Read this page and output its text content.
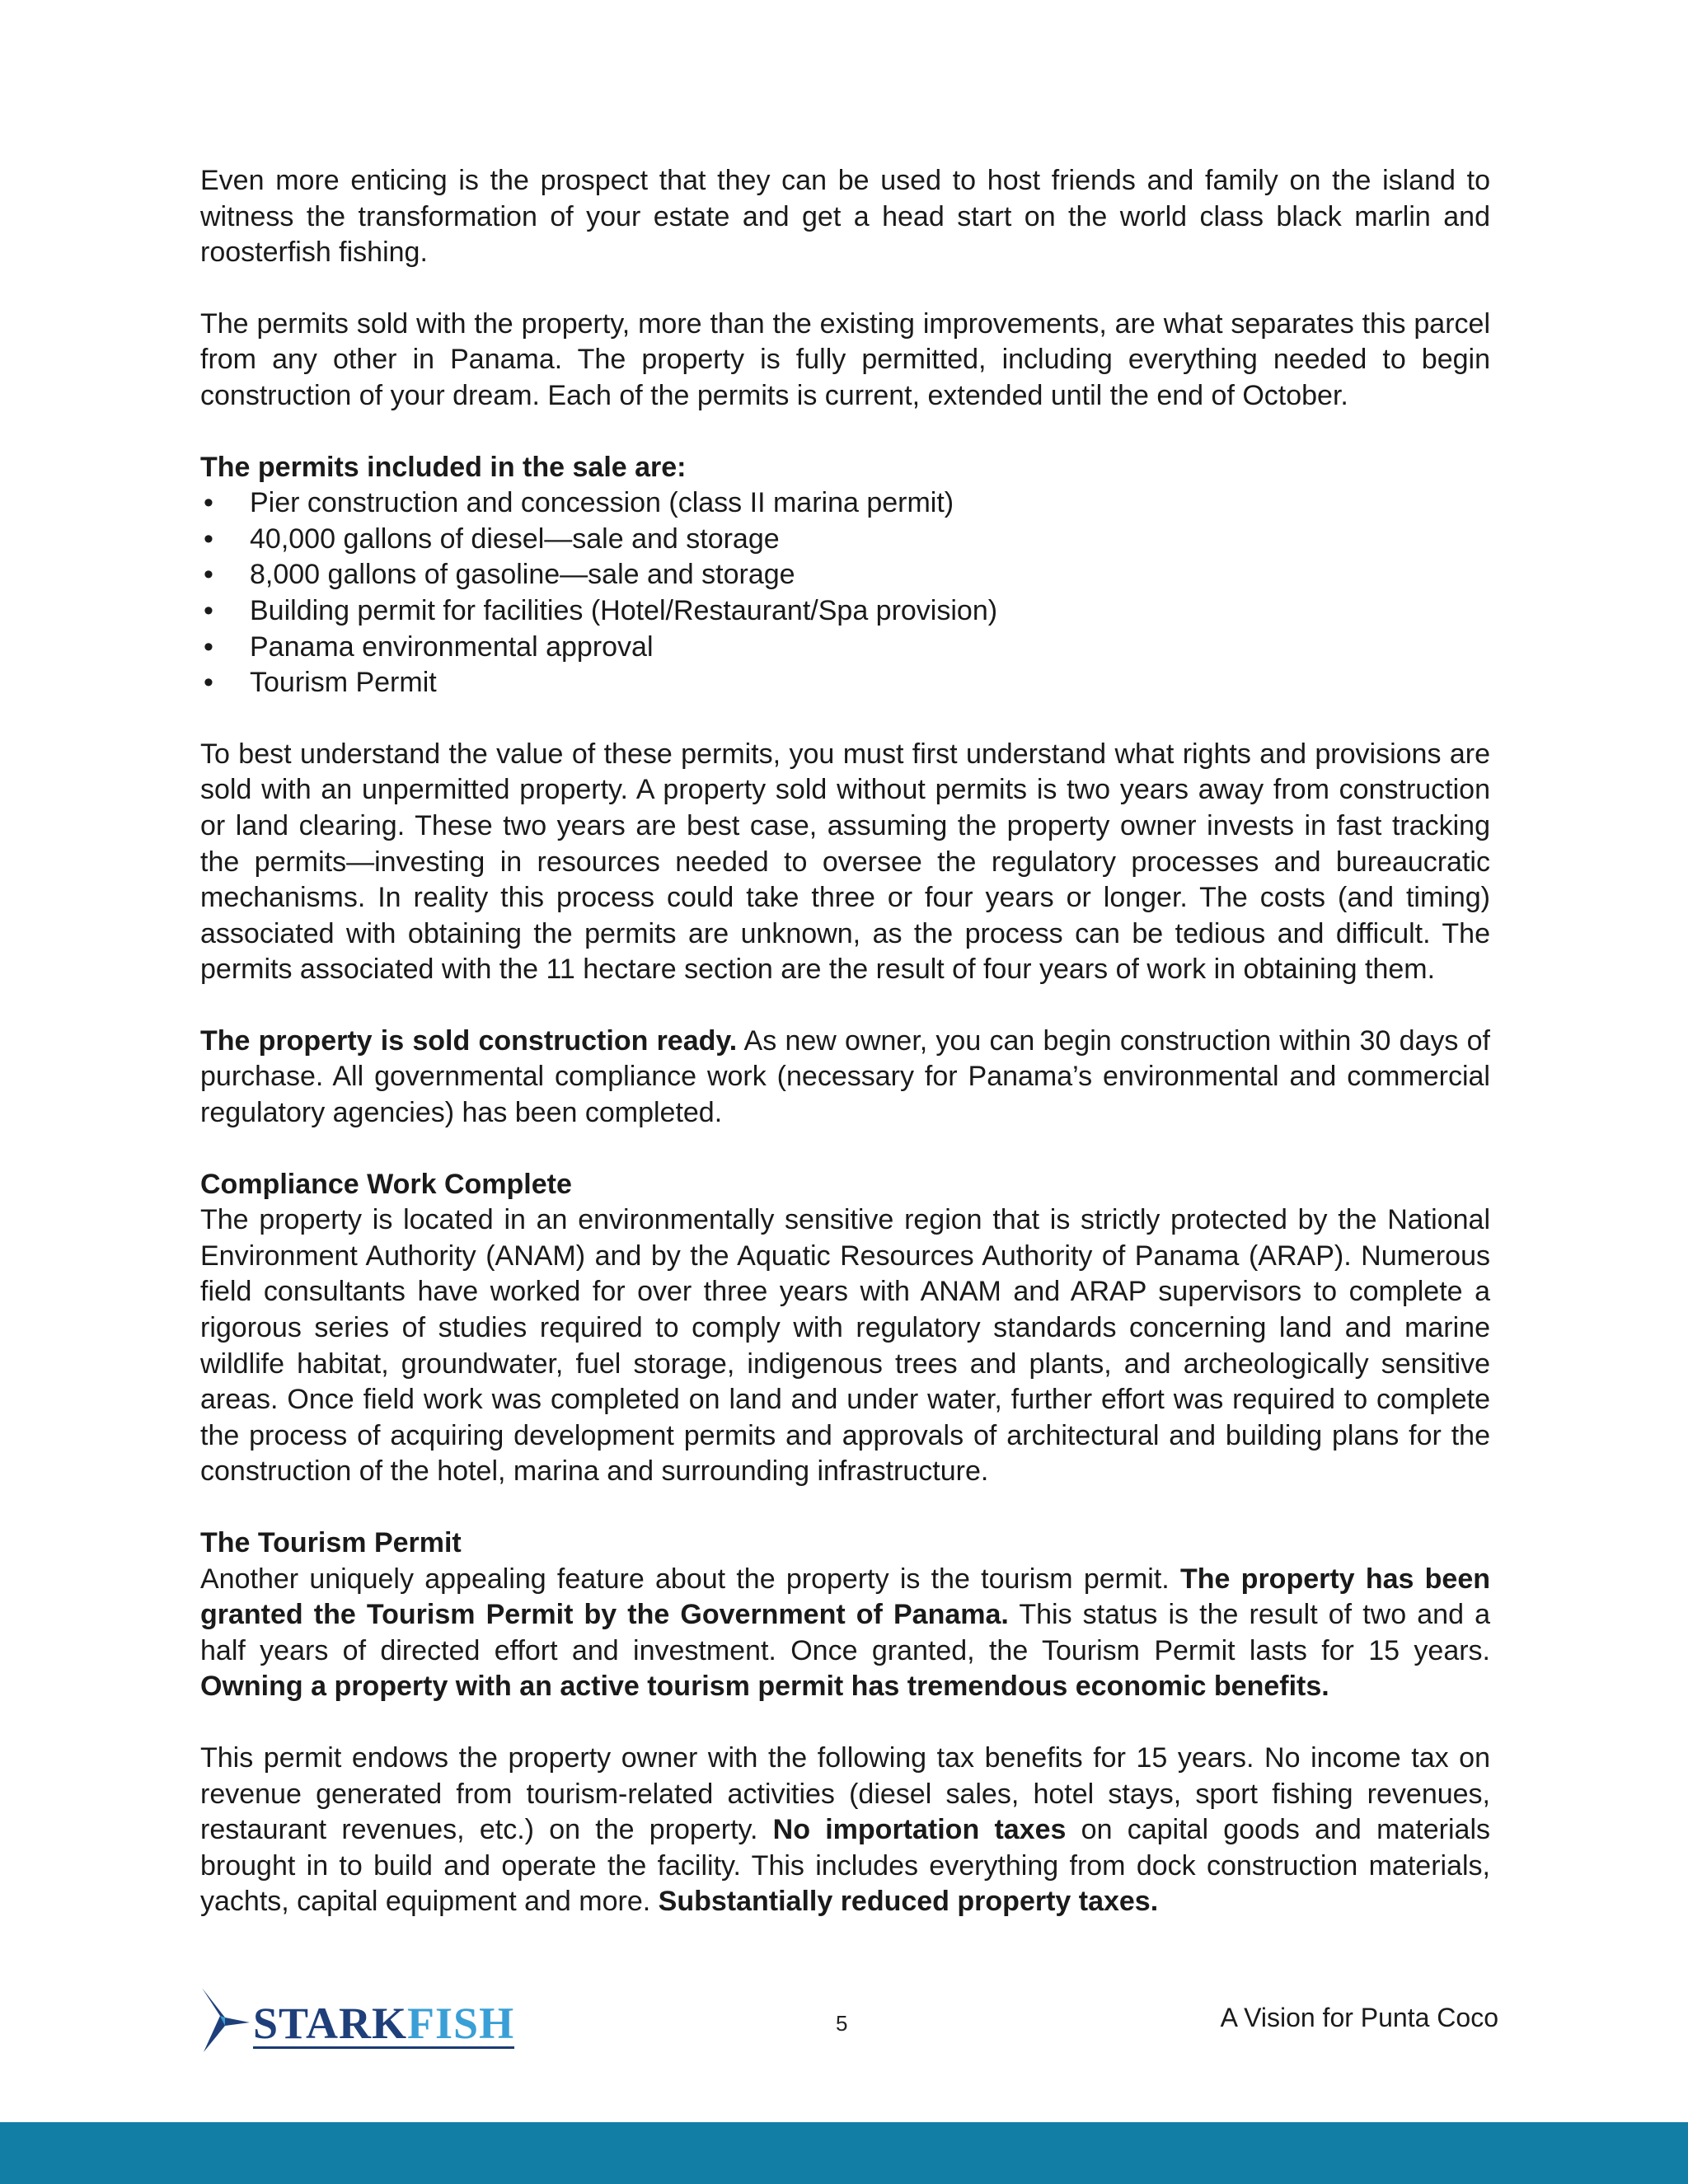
Even more enticing is the prospect that they can be used to host friends and family on the island to witness the transformation of your estate and get a head start on the world class black marlin and roosterfish fishing.

The permits sold with the property, more than the existing improvements, are what separates this parcel from any other in Panama. The property is fully permitted, including everything needed to begin construction of your dream. Each of the permits is current, extended until the end of October.

The permits included in the sale are:
• Pier construction and concession (class II marina permit)
• 40,000 gallons of diesel—sale and storage
• 8,000 gallons of gasoline—sale and storage
• Building permit for facilities (Hotel/Restaurant/Spa provision)
• Panama environmental approval
• Tourism Permit

To best understand the value of these permits, you must first understand what rights and provisions are sold with an unpermitted property. A property sold without permits is two years away from construction or land clearing. These two years are best case, assuming the property owner invests in fast tracking the permits—investing in resources needed to oversee the regulatory processes and bureaucratic mechanisms. In reality this process could take three or four years or longer. The costs (and timing) associated with obtaining the permits are unknown, as the process can be tedious and difficult. The permits associated with the 11 hectare section are the result of four years of work in obtaining them.

The property is sold construction ready. As new owner, you can begin construction within 30 days of purchase. All governmental compliance work (necessary for Panama’s environmental and commercial regulatory agencies) has been completed.

Compliance Work Complete

The property is located in an environmentally sensitive region that is strictly protected by the National Environment Authority (ANAM) and by the Aquatic Resources Authority of Panama (ARAP). Numerous field consultants have worked for over three years with ANAM and ARAP supervisors to complete a rigorous series of studies required to comply with regulatory standards concerning land and marine wildlife habitat, groundwater, fuel storage, indigenous trees and plants, and archeologically sensitive areas. Once field work was completed on land and under water, further effort was required to complete the process of acquiring development permits and approvals of architectural and building plans for the construction of the hotel, marina and surrounding infrastructure.

The Tourism Permit

Another uniquely appealing feature about the property is the tourism permit. The property has been granted the Tourism Permit by the Government of Panama. This status is the result of two and a half years of directed effort and investment. Once granted, the Tourism Permit lasts for 15 years. Owning a property with an active tourism permit has tremendous economic benefits.

This permit endows the property owner with the following tax benefits for 15 years. No income tax on revenue generated from tourism-related activities (diesel sales, hotel stays, sport fishing revenues, restaurant revenues, etc.) on the property. No importation taxes on capital goods and materials brought in to build and operate the facility. This includes everything from dock construction materials, yachts, capital equipment and more. Substantially reduced property taxes.

STARKFISH	5	A Vision for Punta Coco
